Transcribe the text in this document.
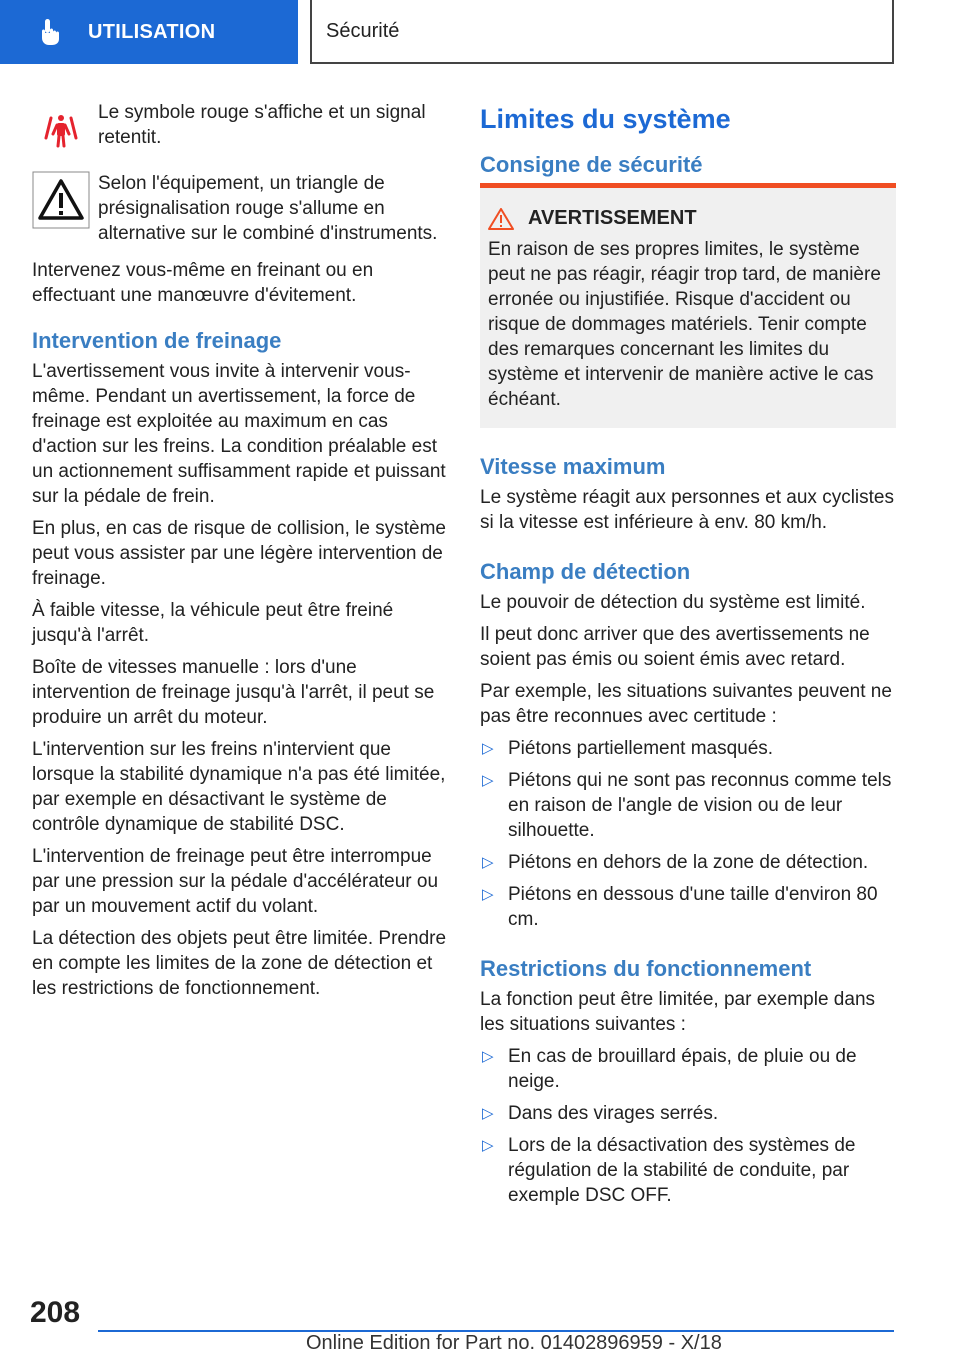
UTILISATION	Sécurité
Le symbole rouge s'affiche et un signal retentit.
Selon l'équipement, un triangle de présignalisation rouge s'allume en alternative sur le combiné d'instruments.

Intervenez vous-même en freinant ou en effectuant une manœuvre d'évitement.

Intervention de freinage

L'avertissement vous invite à intervenir vous-même. Pendant un avertissement, la force de freinage est exploitée au maximum en cas d'action sur les freins. La condition préalable est un actionnement suffisamment rapide et puissant sur la pédale de frein.

En plus, en cas de risque de collision, le système peut vous assister par une légère intervention de freinage.

À faible vitesse, la véhicule peut être freiné jusqu'à l'arrêt.

Boîte de vitesses manuelle : lors d'une intervention de freinage jusqu'à l'arrêt, il peut se produire un arrêt du moteur.

L'intervention sur les freins n'intervient que lorsque la stabilité dynamique n'a pas été limitée, par exemple en désactivant le système de contrôle dynamique de stabilité DSC.

L'intervention de freinage peut être interrompue par une pression sur la pédale d'accélérateur ou par un mouvement actif du volant.

La détection des objets peut être limitée. Prendre en compte les limites de la zone de détection et les restrictions de fonctionnement.

Limites du système
Consigne de sécurité
AVERTISSEMENT
En raison de ses propres limites, le système peut ne pas réagir, réagir trop tard, de manière erronée ou injustifiée. Risque d'accident ou risque de dommages matériels. Tenir compte des remarques concernant les limites du système et intervenir de manière active le cas échéant.
Vitesse maximum

Le système réagit aux personnes et aux cyclistes si la vitesse est inférieure à env. 80 km/h.

Champ de détection

Le pouvoir de détection du système est limité.

Il peut donc arriver que des avertissements ne soient pas émis ou soient émis avec retard.

Par exemple, les situations suivantes peuvent ne pas être reconnues avec certitude :

▷ Piétons partiellement masqués.
▷ Piétons qui ne sont pas reconnus comme tels en raison de l'angle de vision ou de leur silhouette.
▷ Piétons en dehors de la zone de détection.
▷ Piétons en dessous d'une taille d'environ 80 cm.
Restrictions du fonctionnement

La fonction peut être limitée, par exemple dans les situations suivantes :

▷ En cas de brouillard épais, de pluie ou de neige.
▷ Dans des virages serrés.
▷ Lors de la désactivation des systèmes de régulation de la stabilité de conduite, par exemple DSC OFF.
208
Online Edition for Part no. 01402896959 - X/18
